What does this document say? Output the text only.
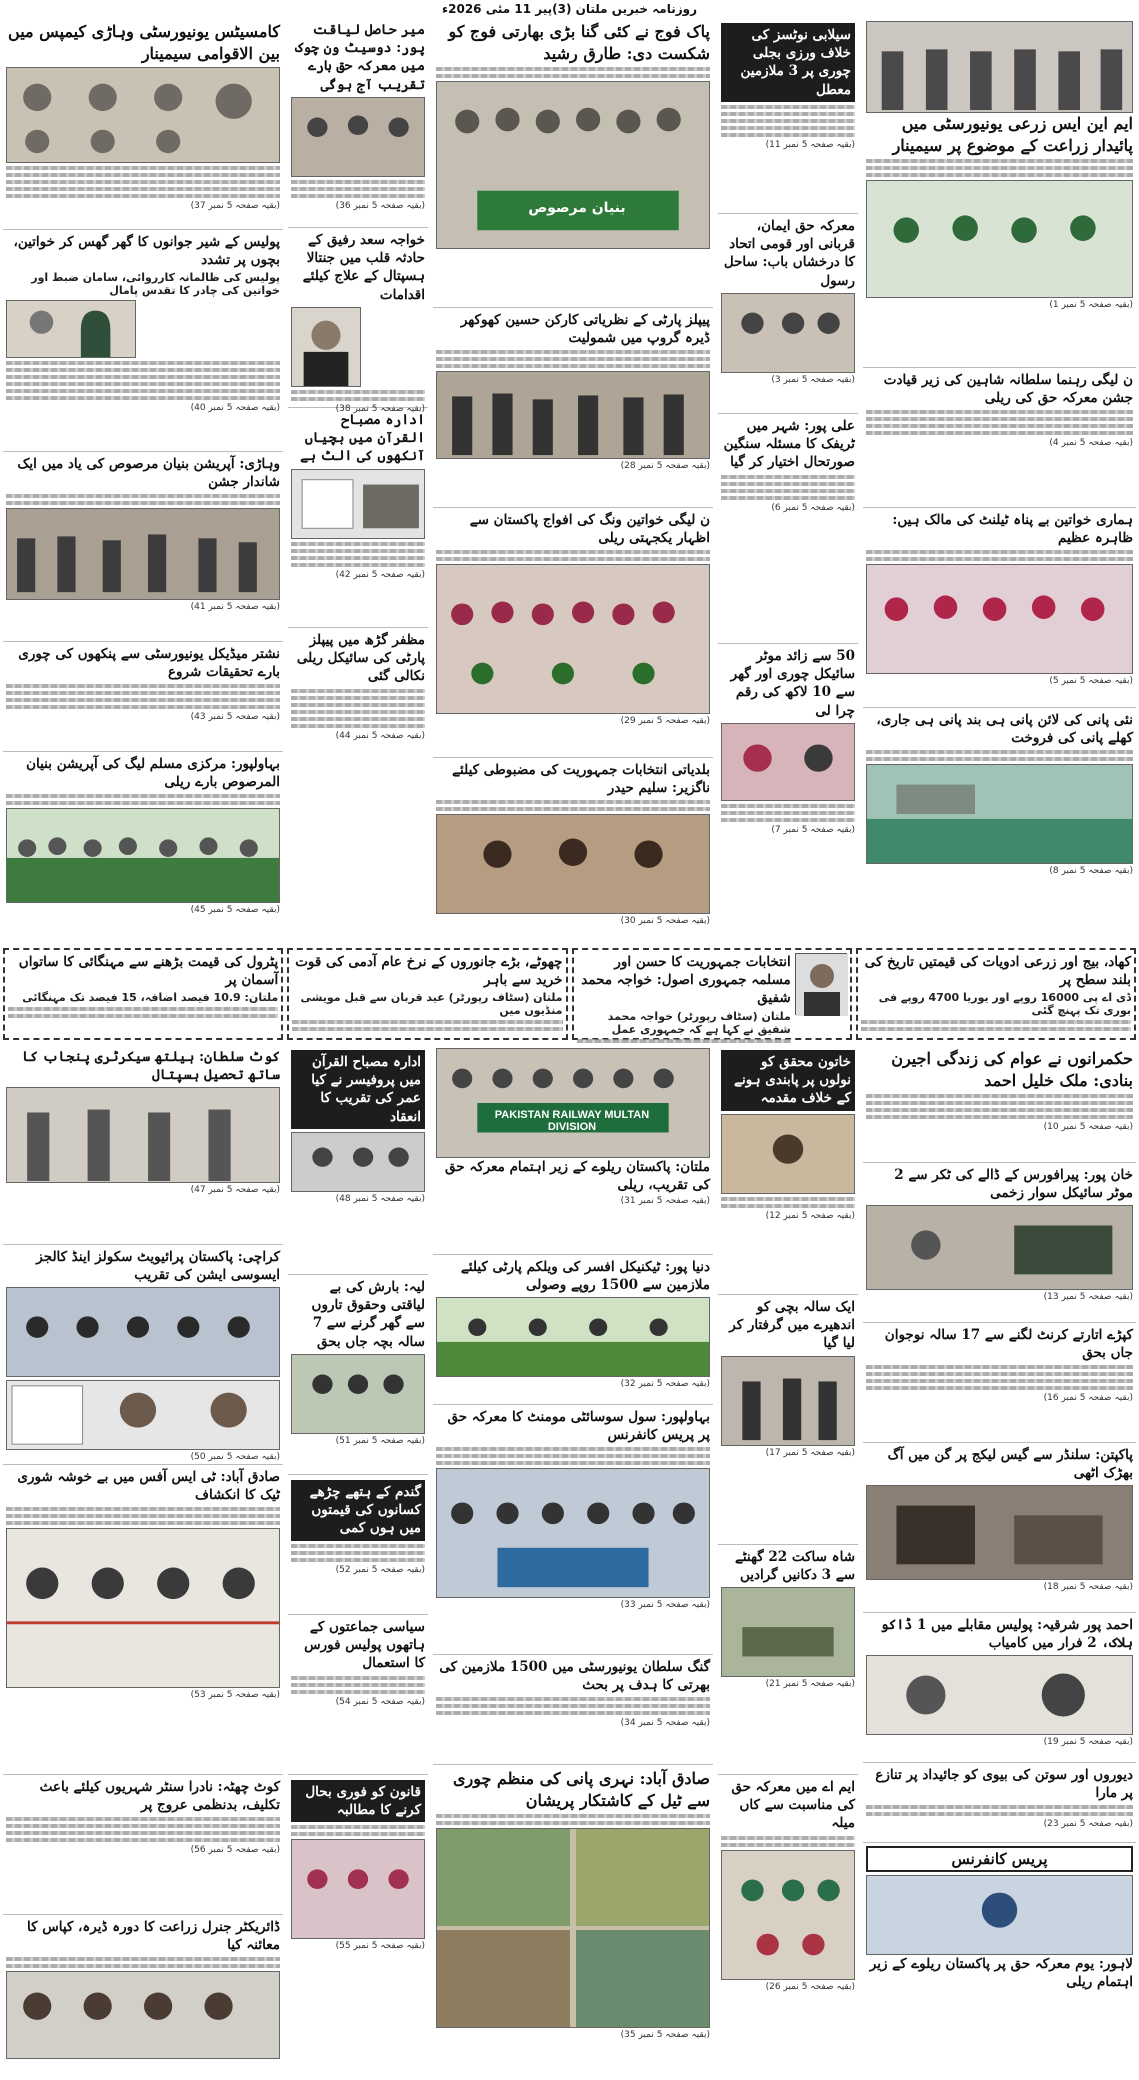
روزنامہ خبریں ملتان (3)پیر 11 مئی 2026ء
کامسیٹس یونیورسٹی وہاڑی کیمپس میں بین الاقوامی سیمینار
(بقیہ صفحہ 5 نمبر 37)
پولیس کے شیر جوانوں کا گھر گھس کر خواتین، بچوں پر تشدد
پولیس کی ظالمانہ کارروائی، سامان ضبط اور خواتین کی چادر کا تقدس پامال
(بقیہ صفحہ 5 نمبر 40)
وہاڑی: آپریشن بنیان مرصوص کی یاد میں ایک شاندار جشن
(بقیہ صفحہ 5 نمبر 41)
نشتر میڈیکل یونیورسٹی سے پنکھوں کی چوری بارے تحقیقات شروع
(بقیہ صفحہ 5 نمبر 43)
بہاولپور: مرکزی مسلم لیگ کی آپریشن بنیان المرصوص بارے ریلی
(بقیہ صفحہ 5 نمبر 45)
میر حاصل لیاقت پور: دوسیٹ ون چوک میں معرکہ حق بارے تقریب آج ہوگی
(بقیہ صفحہ 5 نمبر 36)
خواجہ سعد رفیق کے حادثہ قلب میں جنتالا ہسپتال کے علاج کیلئے اقدامات
(بقیہ صفحہ 5 نمبر 38)
ادارہ مصباح القرآن میں بچیاں آنکھوں کی الٹ ہے
(بقیہ صفحہ 5 نمبر 42)
مظفر گڑھ میں پیپلز پارٹی کی سائیکل ریلی نکالی گئی
(بقیہ صفحہ 5 نمبر 44)
پاک فوج نے کئی گنا بڑی بھارتی فوج کو شکست دی: طارق رشید
بنیان مرصوص
پیپلز پارٹی کے نظریاتی کارکن حسین کھوکھر ڈیرہ گروپ میں شمولیت
(بقیہ صفحہ 5 نمبر 28)
ن لیگی خواتین ونگ کی افواج پاکستان سے اظہار یکجہتی ریلی
(بقیہ صفحہ 5 نمبر 29)
بلدیاتی انتخابات جمہوریت کی مضبوطی کیلئے ناگزیر: سلیم حیدر
(بقیہ صفحہ 5 نمبر 30)
سیلابی نوٹسز کی خلاف ورزی بجلی چوری پر 3 ملازمین معطل
(بقیہ صفحہ 5 نمبر 11)
معرکہ حق ایمان، قربانی اور قومی اتحاد کا درخشاں باب: ساحل رسول
(بقیہ صفحہ 5 نمبر 3)
علی پور: شہر میں ٹریفک کا مسئلہ سنگین صورتحال اختیار کر گیا
(بقیہ صفحہ 5 نمبر 6)
50 سے زائد موٹر سائیکل چوری اور گھر سے 10 لاکھ کی رقم چرا لی
(بقیہ صفحہ 5 نمبر 7)
ایم این ایس زرعی یونیورسٹی میں پائیدار زراعت کے موضوع پر سیمینار
(بقیہ صفحہ 5 نمبر 1)
ن لیگی رہنما سلطانہ شاہین کی زیر قیادت جشن معرکہ حق کی ریلی
(بقیہ صفحہ 5 نمبر 4)
ہماری خواتین بے پناہ ٹیلنٹ کی مالک ہیں: ظاہرہ عظیم
(بقیہ صفحہ 5 نمبر 5)
نئی پانی کی لائن پانی ہی بند پانی ہی جاری، کھلے پانی کی فروخت
(بقیہ صفحہ 5 نمبر 8)
پٹرول کی قیمت بڑھنے سے مہنگائی کا ساتواں آسمان پر
ملتان: 10.9 فیصد اضافہ، 15 فیصد تک مہنگائی
چھوٹے، بڑے جانوروں کے نرخ عام آدمی کی قوت خرید سے باہر
ملتان (سٹاف رپورٹر) عید قربان سے قبل مویشی منڈیوں میں
انتخابات جمہوریت کا حسن اور مسلمہ جمہوری اصول: خواجہ محمد شفیق
ملتان (سٹاف رپورٹر) خواجہ محمد شفیق نے کہا ہے کہ جمہوری عمل
کھاد، بیج اور زرعی ادویات کی قیمتیں تاریخ کی بلند سطح پر
ڈی اے پی 16000 روپے اور یوریا 4700 روپے فی بوری تک پہنچ گئی
کوٹ سلطان: ہیلتھ سیکرٹری پنجاب کا ساتھ تحصیل ہسپتال
(بقیہ صفحہ 5 نمبر 47)
کراچی: پاکستان پرائیویٹ سکولز اینڈ کالجز ایسوسی ایشن کی تقریب
(بقیہ صفحہ 5 نمبر 50)
صادق آباد: ٹی ایس آفس میں بے خوشہ شوری ٹیک کا انکشاف
(بقیہ صفحہ 5 نمبر 53)
کوٹ چھٹہ: نادرا سنٹر شہریوں کیلئے باعث تکلیف، بدنظمی عروج پر
(بقیہ صفحہ 5 نمبر 56)
ڈائریکٹر جنرل زراعت کا دورہ ڈیرہ، کپاس کا معائنہ کیا
ادارہ مصباح القرآن میں پروفیسر نے کیا عمر کی تقریب کا انعقاد
(بقیہ صفحہ 5 نمبر 48)
لیہ: بارش کی بے لیاقتی وحقوق تاروں سے گھر گرنے سے 7 سالہ بچہ جاں بحق
(بقیہ صفحہ 5 نمبر 51)
گندم کے ہتھے چڑھے کسانوں کی قیمتوں میں ہوں کمی
(بقیہ صفحہ 5 نمبر 52)
سیاسی جماعتوں کے ہاتھوں پولیس فورس کا استعمال
(بقیہ صفحہ 5 نمبر 54)
قانون کو فوری بحال کرنے کا مطالبہ
(بقیہ صفحہ 5 نمبر 55)
PAKISTAN RAILWAY MULTAN DIVISION
ملتان: پاکستان ریلوے کے زیر اہتمام معرکہ حق کی تقریب، ریلی
(بقیہ صفحہ 5 نمبر 31)
دنیا پور: ٹیکنیکل افسر کی ویلکم پارٹی کیلئے ملازمین سے 1500 روپے وصولی
(بقیہ صفحہ 5 نمبر 32)
بہاولپور: سول سوسائٹی مومنٹ کا معرکہ حق پر پریس کانفرنس
(بقیہ صفحہ 5 نمبر 33)
گنگ سلطان یونیورسٹی میں 1500 ملازمین کی بھرتی کا ہدف پر بحث
(بقیہ صفحہ 5 نمبر 34)
صادق آباد: نہری پانی کی منظم چوری سے ٹیل کے کاشتکار پریشان
(بقیہ صفحہ 5 نمبر 35)
خاتون محقق کو نولوں پر پابندی ہونے کے خلاف مقدمہ
(بقیہ صفحہ 5 نمبر 12)
ایک سالہ بچی کو اندھیرے میں گرفتار کر لیا گیا
(بقیہ صفحہ 5 نمبر 17)
شاہ ساکت 22 گھنٹے سے 3 دکانیں گرادیں
(بقیہ صفحہ 5 نمبر 21)
ایم اے میں معرکہ حق کی مناسبت سے کاں میلہ
(بقیہ صفحہ 5 نمبر 26)
حکمرانوں نے عوام کی زندگی اجیرن بنادی: ملک خلیل احمد
(بقیہ صفحہ 5 نمبر 10)
خان پور: پیرافورس کے ڈالے کی ٹکر سے 2 موٹر سائیکل سوار زخمی
(بقیہ صفحہ 5 نمبر 13)
کپڑے اتارتے کرنٹ لگنے سے 17 سالہ نوجوان جاں بحق
(بقیہ صفحہ 5 نمبر 16)
پاکپتن: سلنڈر سے گیس لیکج پر گن میں آگ بھڑک اٹھی
(بقیہ صفحہ 5 نمبر 18)
احمد پور شرقیہ: پولیس مقابلے میں 1 ڈاکو ہلاک، 2 فرار میں کامیاب
(بقیہ صفحہ 5 نمبر 19)
دیوروں اور سوتن کی بیوی کو جائیداد پر تنازع پر مارا
(بقیہ صفحہ 5 نمبر 23)
پریس کانفرنس
لاہور: یوم معرکہ حق پر پاکستان ریلوے کے زیر اہتمام ریلی
